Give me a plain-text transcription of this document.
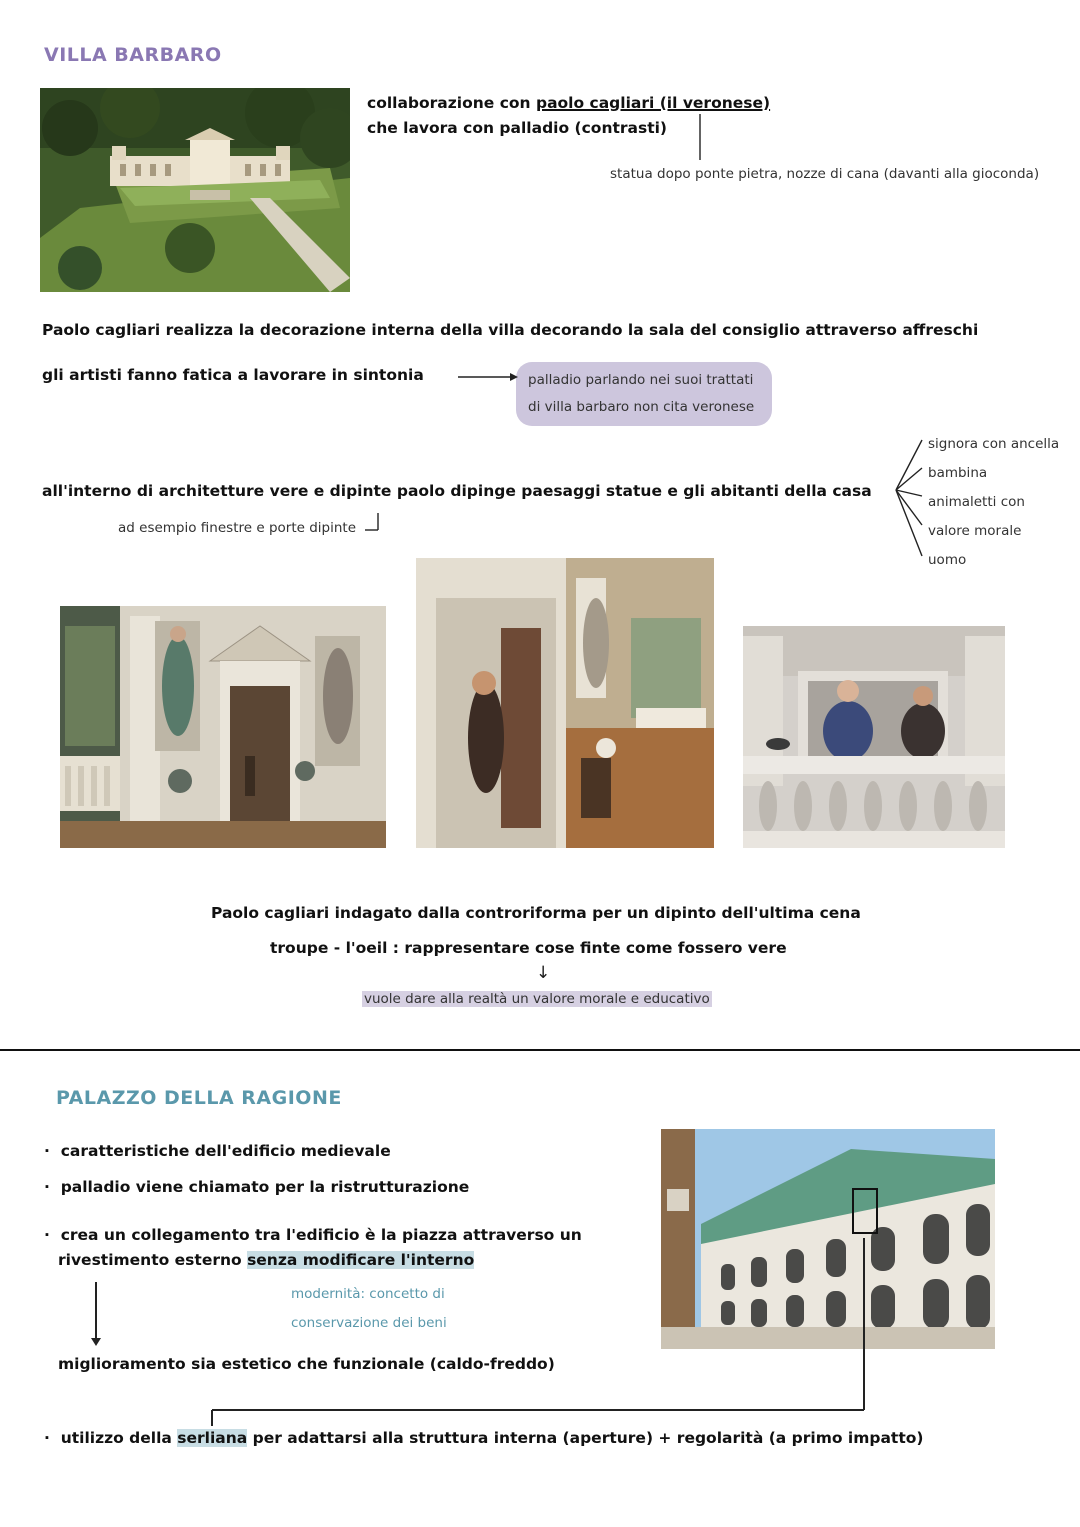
VILLA BARBARO
collaborazione con paolo cagliari (il veronese)
che lavora con palladio (contrasti)
statua dopo ponte pietra, nozze di cana (davanti alla gioconda)
Paolo cagliari realizza la decorazione interna della villa decorando la sala del consiglio attraverso affreschi
gli artisti fanno fatica a lavorare in sintonia	palladio parlando nei suoi trattati
di villa barbaro non cita veronese
all'interno di architetture vere e dipinte paolo dipinge paesaggi statue e gli abitanti della casa
ad esempio finestre e porte dipinte
signora con ancella
bambina
animaletti con
valore morale
uomo
Paolo cagliari indagato dalla controriforma per un dipinto dell'ultima cena
troupe - l'oeil : rappresentare cose finte come fossero vere
↓
vuole dare alla realtà un valore morale e educativo
PALAZZO DELLA RAGIONE
· caratteristiche dell'edificio medievale
· palladio viene chiamato per la ristrutturazione
· crea un collegamento tra l'edificio è la piazza attraverso un
rivestimento esterno senza modificare l'interno
modernità: concetto di
conservazione dei beni
miglioramento sia estetico che funzionale (caldo-freddo)
· utilizzo della serliana per adattarsi alla struttura interna (aperture) + regolarità (a primo impatto)
